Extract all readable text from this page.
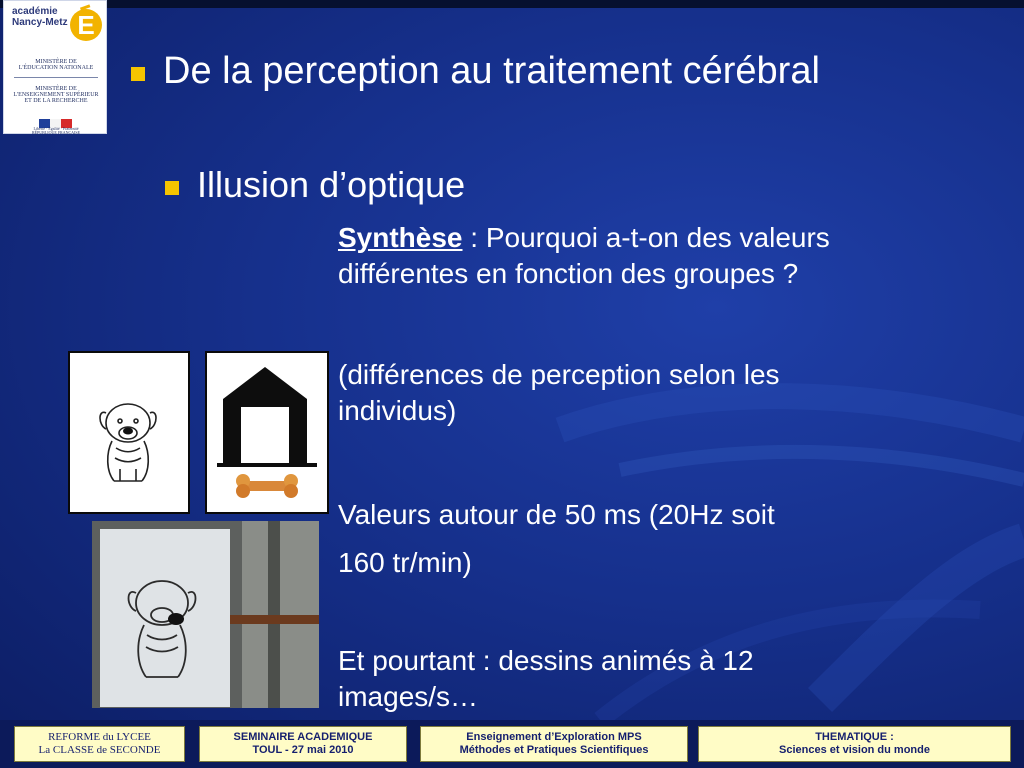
académie
Nancy-Metz E
MINISTÈRE DE
L'ÉDUCATION NATIONALE
MINISTÈRE DE
L'ENSEIGNEMENT SUPÉRIEUR
ET DE LA RECHERCHE
Liberté · Égalité · Fraternité
RÉPUBLIQUE FRANÇAISE
De la perception au traitement cérébral
Illusion d’optique
Synthèse : Pourquoi a-t-on des valeurs différentes en fonction des groupes ?
(différences de perception selon les individus)
Valeurs autour de 50 ms (20Hz soit
160 tr/min)
Et pourtant : dessins animés à 12 images/s…
REFORME du LYCEE
La CLASSE de SECONDE
SEMINAIRE ACADEMIQUE
TOUL - 27 mai 2010
Enseignement d’Exploration MPS
Méthodes et Pratiques Scientifiques
THEMATIQUE :
Sciences et vision du monde
